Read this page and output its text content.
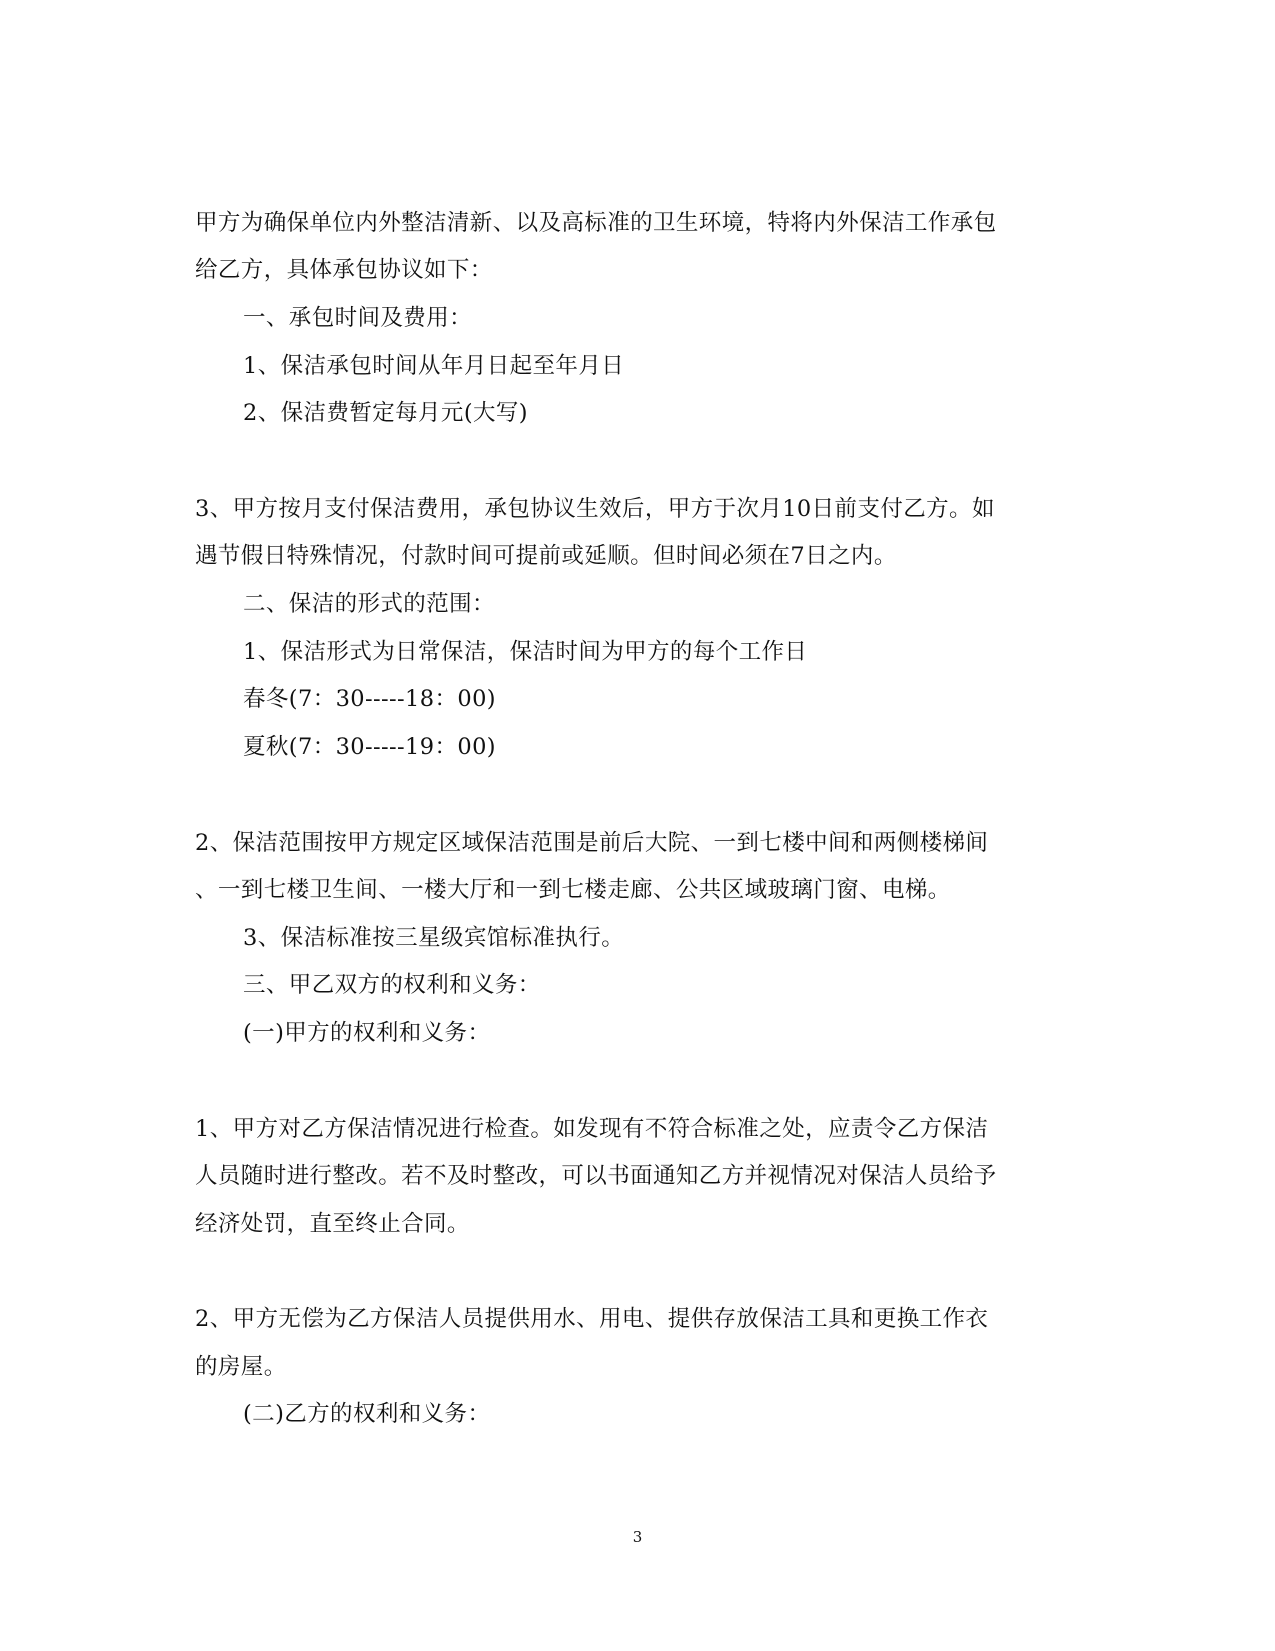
甲方为确保单位内外整洁清新、以及高标准的卫生环境，特将内外保洁工作承包
给乙方，具体承包协议如下：
一、承包时间及费用：
1、保洁承包时间从年月日起至年月日
2、保洁费暂定每月元(大写)
3、甲方按月支付保洁费用，承包协议生效后，甲方于次月10日前支付乙方。如
遇节假日特殊情况，付款时间可提前或延顺。但时间必须在7日之内。
二、保洁的形式的范围：
1、保洁形式为日常保洁，保洁时间为甲方的每个工作日
春冬(7：30-----18：00)
夏秋(7：30-----19：00)
2、保洁范围按甲方规定区域保洁范围是前后大院、一到七楼中间和两侧楼梯间
、一到七楼卫生间、一楼大厅和一到七楼走廊、公共区域玻璃门窗、电梯。
3、保洁标准按三星级宾馆标准执行。
三、甲乙双方的权利和义务：
(一)甲方的权利和义务：
1、甲方对乙方保洁情况进行检查。如发现有不符合标准之处，应责令乙方保洁
人员随时进行整改。若不及时整改，可以书面通知乙方并视情况对保洁人员给予
经济处罚，直至终止合同。
2、甲方无偿为乙方保洁人员提供用水、用电、提供存放保洁工具和更换工作衣
的房屋。
(二)乙方的权利和义务：
3
